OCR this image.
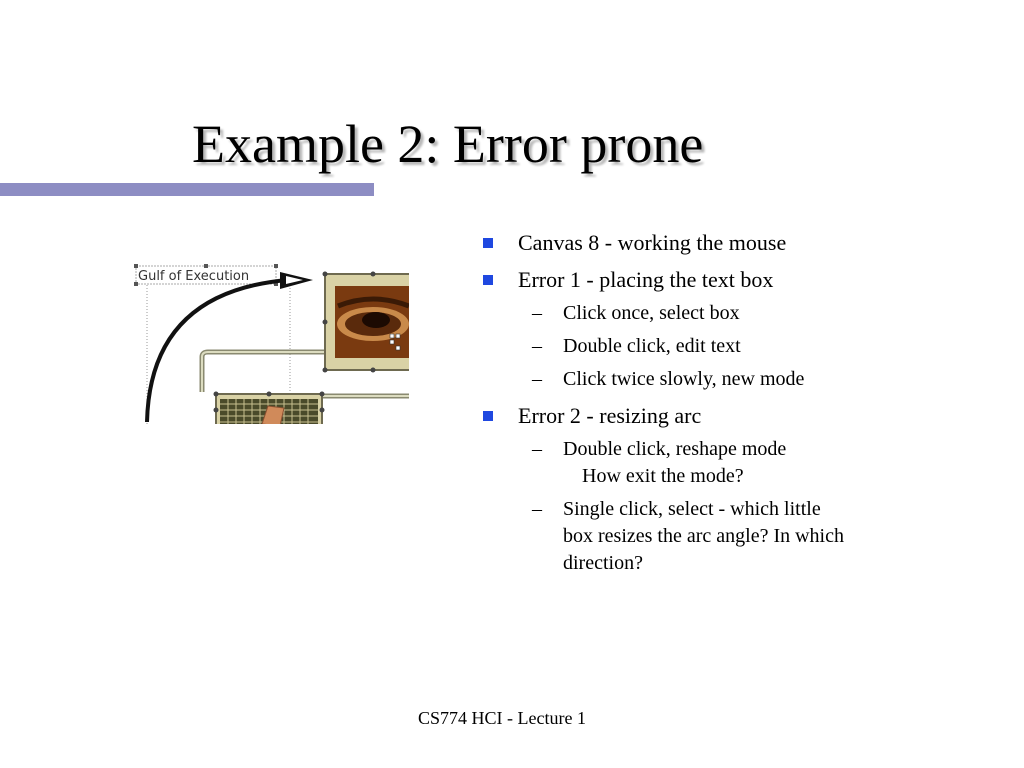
Example 2: Error prone
Gulf of Execution
Canvas 8 - working the mouse
Error 1 - placing the text box
– Click once, select box
– Double click, edit text
– Click twice slowly, new mode
Error 2 - resizing arc
– Double click, reshape mode
How exit the mode?
– Single click, select - which little
box resizes the arc angle? In which
direction?
CS774 HCI - Lecture 1
